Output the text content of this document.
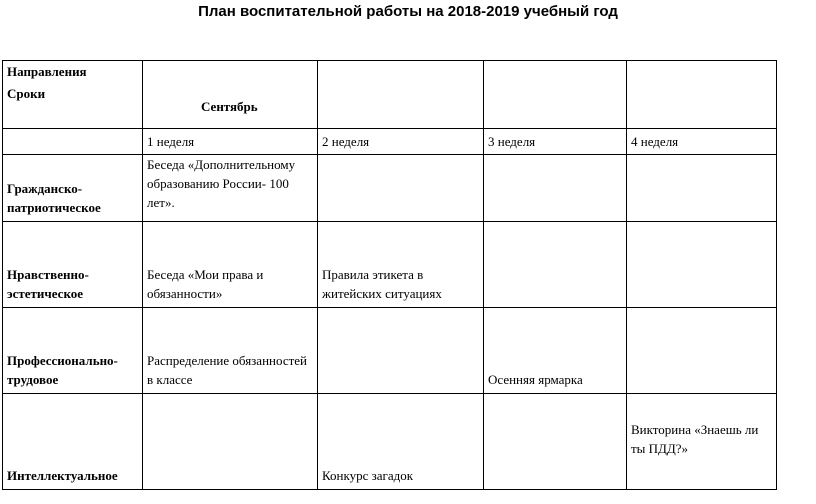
План воспитательной работы на 2018-2019 учебный год
Направления
Сроки	Сентябрь			
	1 неделя	2 неделя	3 неделя	4 неделя
Гражданско-патриотическое	Беседа «Дополнительному образованию России- 100 лет».			
Нравственно-эстетическое	Беседа «Мои права и обязанности»	Правила этикета в житейских ситуациях		
Профессионально-трудовое	Распределение обязанностей в классе		Осенняя ярмарка	
Интеллектуальное		Конкурс загадок		Викторина «Знаешь ли ты ПДД?»
